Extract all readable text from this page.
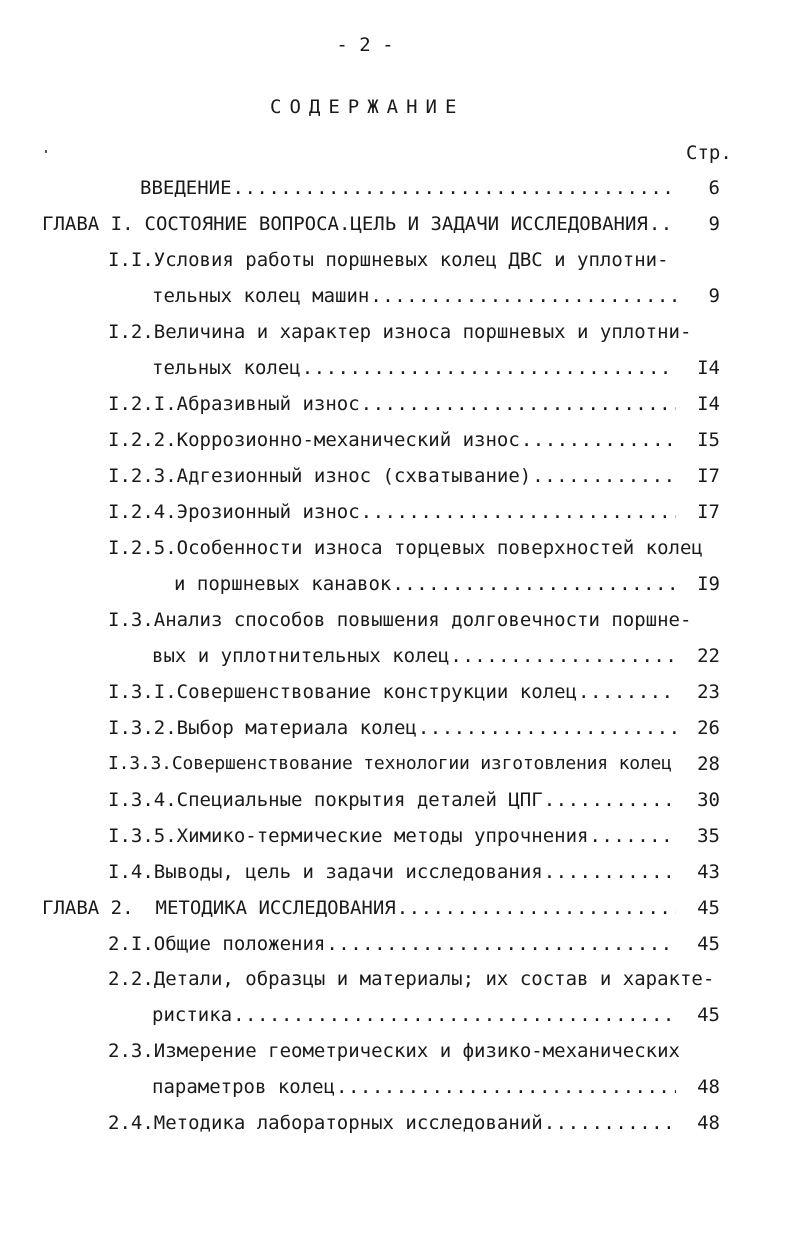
- 2 -
СОДЕРЖАНИЕ
Стр.
ВВЕДЕНИЕ .....	6
ГЛАВА I. СОСТОЯНИЕ ВОПРОСА.ЦЕЛЬ И ЗАДАЧИ ИССЛЕДОВАНИЯ .....	9
I.I. Условия работы поршневых колец ДВС и уплотни-
тельных колец машин .....	9
I.2. Величина и характер износа поршневых и уплотни-
тельных колец .....	I4
I.2.I. Абразивный износ .....	I4
I.2.2. Коррозионно-механический износ .....	I5
I.2.3. Адгезионный износ (схватывание) .....	I7
I.2.4. Эрозионный износ .....	I7
I.2.5. Особенности износа торцевых поверхностей колец
и поршневых канавок .....	I9
I.3. Анализ способов повышения долговечности поршне-
вых и уплотнительных колец .....	22
I.3.I. Совершенствование конструкции колец .....	23
I.3.2. Выбор материала колец .....	26
I.3.3. Совершенствование технологии изготовления колец	28
I.3.4. Специальные покрытия деталей ЦПГ .....	30
I.3.5. Химико-термические методы упрочнения .....	35
I.4. Выводы, цель и задачи исследования .....	43
ГЛАВА 2. МЕТОДИКА ИССЛЕДОВАНИЯ .....	45
2.I. Общие положения .....	45
2.2. Детали, образцы и материалы; их состав и характе-
ристика .....	45
2.3. Измерение геометрических и физико-механических
параметров колец .....	48
2.4. Методика лабораторных исследований .....	48
